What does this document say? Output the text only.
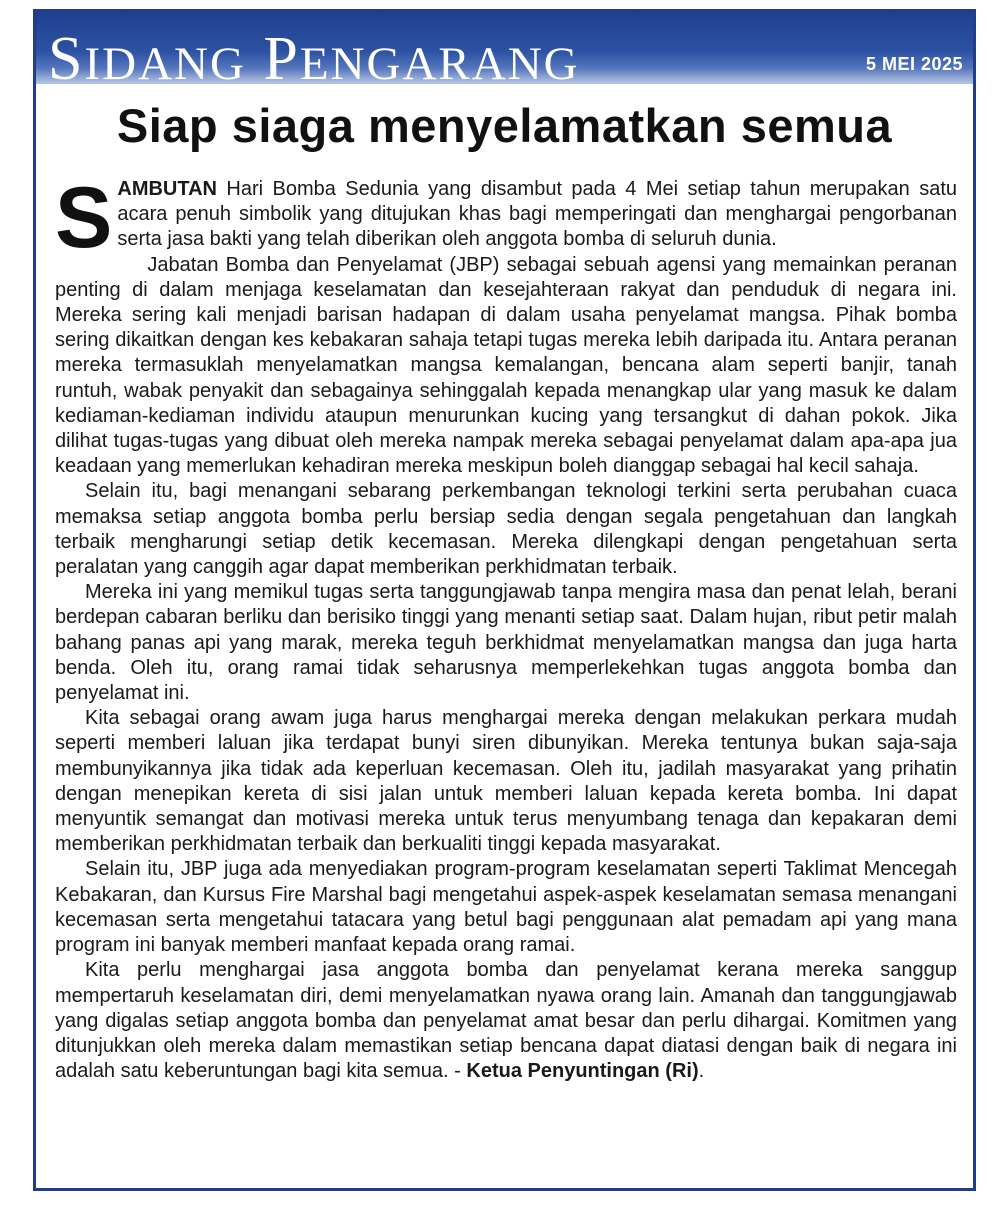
SIDANG PENGARANG	5 MEI 2025
Siap siaga menyelamatkan semua

SAMBUTAN Hari Bomba Sedunia yang disambut pada 4 Mei setiap tahun merupakan satu acara penuh simbolik yang ditujukan khas bagi memperingati dan menghargai pengorbanan serta jasa bakti yang telah diberikan oleh anggota bomba di seluruh dunia.

Jabatan Bomba dan Penyelamat (JBP) sebagai sebuah agensi yang memainkan peranan penting di dalam menjaga keselamatan dan kesejahteraan rakyat dan penduduk di negara ini. Mereka sering kali menjadi barisan hadapan di dalam usaha penyelamat mangsa. Pihak bomba sering dikaitkan dengan kes kebakaran sahaja tetapi tugas mereka lebih daripada itu. Antara peranan mereka termasuklah menyelamatkan mangsa kemalangan, bencana alam seperti banjir, tanah runtuh, wabak penyakit dan sebagainya sehinggalah kepada menangkap ular yang masuk ke dalam kediaman-kediaman individu ataupun menurunkan kucing yang tersangkut di dahan pokok. Jika dilihat tugas-tugas yang dibuat oleh mereka nampak mereka sebagai penyelamat dalam apa-apa jua keadaan yang memerlukan kehadiran mereka meskipun boleh dianggap sebagai hal kecil sahaja.

Selain itu, bagi menangani sebarang perkembangan teknologi terkini serta perubahan cuaca memaksa setiap anggota bomba perlu bersiap sedia dengan segala pengetahuan dan langkah terbaik mengharungi setiap detik kecemasan. Mereka dilengkapi dengan pengetahuan serta peralatan yang canggih agar dapat memberikan perkhidmatan terbaik.

Mereka ini yang memikul tugas serta tanggungjawab tanpa mengira masa dan penat lelah, berani berdepan cabaran berliku dan berisiko tinggi yang menanti setiap saat. Dalam hujan, ribut petir malah bahang panas api yang marak, mereka teguh berkhidmat menyelamatkan mangsa dan juga harta benda. Oleh itu, orang ramai tidak seharusnya memperlekehkan tugas anggota bomba dan penyelamat ini.

Kita sebagai orang awam juga harus menghargai mereka dengan melakukan perkara mudah seperti memberi laluan jika terdapat bunyi siren dibunyikan. Mereka tentunya bukan saja-saja membunyikannya jika tidak ada keperluan kecemasan. Oleh itu, jadilah masyarakat yang prihatin dengan menepikan kereta di sisi jalan untuk memberi laluan kepada kereta bomba. Ini dapat menyuntik semangat dan motivasi mereka untuk terus menyumbang tenaga dan kepakaran demi memberikan perkhidmatan terbaik dan berkualiti tinggi kepada masyarakat.

Selain itu, JBP juga ada menyediakan program-program keselamatan seperti Taklimat Mencegah Kebakaran, dan Kursus Fire Marshal bagi mengetahui aspek-aspek keselamatan semasa menangani kecemasan serta mengetahui tatacara yang betul bagi penggunaan alat pemadam api yang mana program ini banyak memberi manfaat kepada orang ramai.

Kita perlu menghargai jasa anggota bomba dan penyelamat kerana mereka sanggup mempertaruh keselamatan diri, demi menyelamatkan nyawa orang lain. Amanah dan tanggungjawab yang digalas setiap anggota bomba dan penyelamat amat besar dan perlu dihargai. Komitmen yang ditunjukkan oleh mereka dalam memastikan setiap bencana dapat diatasi dengan baik di negara ini adalah satu keberuntungan bagi kita semua. - Ketua Penyuntingan (Ri).
